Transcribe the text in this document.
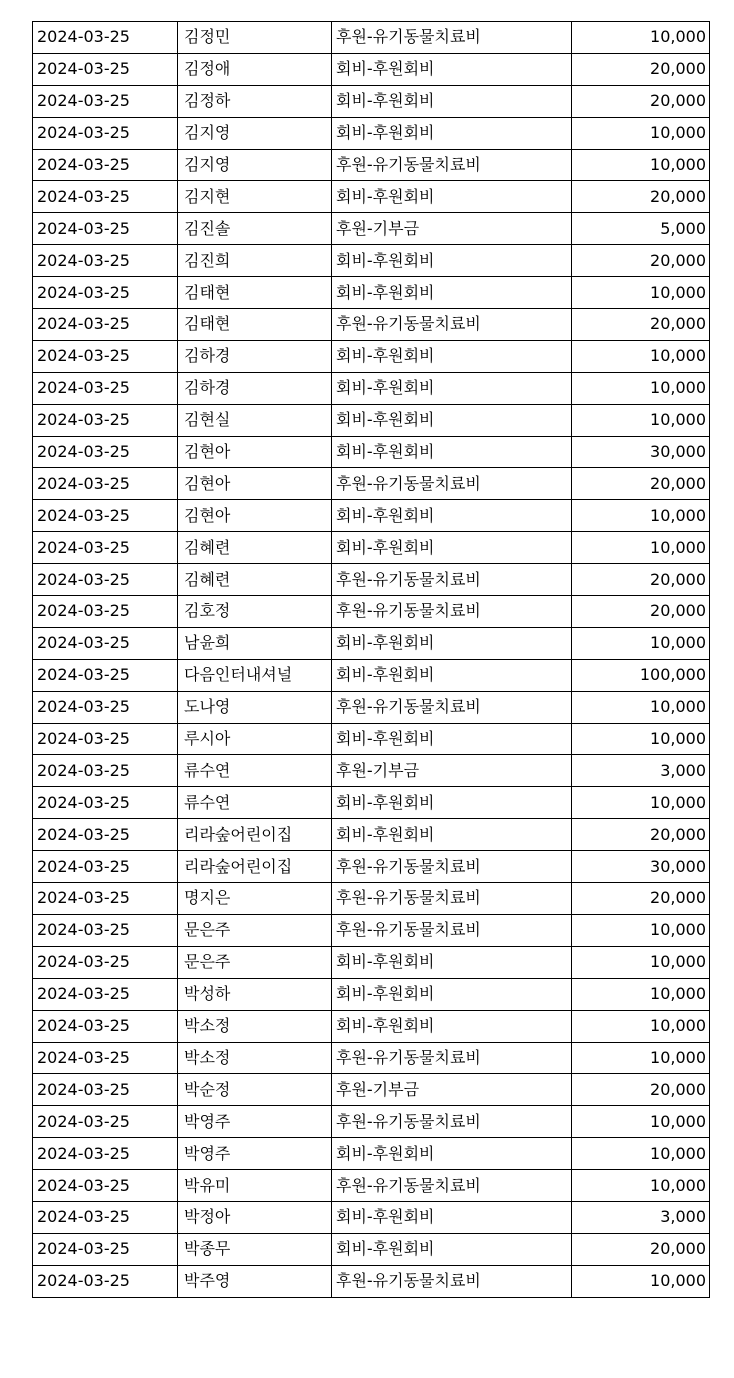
2024-03-25	김정민	후원-유기동물치료비	10,000
2024-03-25	김정애	회비-후원회비	20,000
2024-03-25	김정하	회비-후원회비	20,000
2024-03-25	김지영	회비-후원회비	10,000
2024-03-25	김지영	후원-유기동물치료비	10,000
2024-03-25	김지현	회비-후원회비	20,000
2024-03-25	김진솔	후원-기부금	5,000
2024-03-25	김진희	회비-후원회비	20,000
2024-03-25	김태현	회비-후원회비	10,000
2024-03-25	김태현	후원-유기동물치료비	20,000
2024-03-25	김하경	회비-후원회비	10,000
2024-03-25	김하경	회비-후원회비	10,000
2024-03-25	김현실	회비-후원회비	10,000
2024-03-25	김현아	회비-후원회비	30,000
2024-03-25	김현아	후원-유기동물치료비	20,000
2024-03-25	김현아	회비-후원회비	10,000
2024-03-25	김혜련	회비-후원회비	10,000
2024-03-25	김혜련	후원-유기동물치료비	20,000
2024-03-25	김호정	후원-유기동물치료비	20,000
2024-03-25	남윤희	회비-후원회비	10,000
2024-03-25	다음인터내셔널	회비-후원회비	100,000
2024-03-25	도나영	후원-유기동물치료비	10,000
2024-03-25	루시아	회비-후원회비	10,000
2024-03-25	류수연	후원-기부금	3,000
2024-03-25	류수연	회비-후원회비	10,000
2024-03-25	리라숲어린이집	회비-후원회비	20,000
2024-03-25	리라숲어린이집	후원-유기동물치료비	30,000
2024-03-25	명지은	후원-유기동물치료비	20,000
2024-03-25	문은주	후원-유기동물치료비	10,000
2024-03-25	문은주	회비-후원회비	10,000
2024-03-25	박성하	회비-후원회비	10,000
2024-03-25	박소정	회비-후원회비	10,000
2024-03-25	박소정	후원-유기동물치료비	10,000
2024-03-25	박순정	후원-기부금	20,000
2024-03-25	박영주	후원-유기동물치료비	10,000
2024-03-25	박영주	회비-후원회비	10,000
2024-03-25	박유미	후원-유기동물치료비	10,000
2024-03-25	박정아	회비-후원회비	3,000
2024-03-25	박종무	회비-후원회비	20,000
2024-03-25	박주영	후원-유기동물치료비	10,000
